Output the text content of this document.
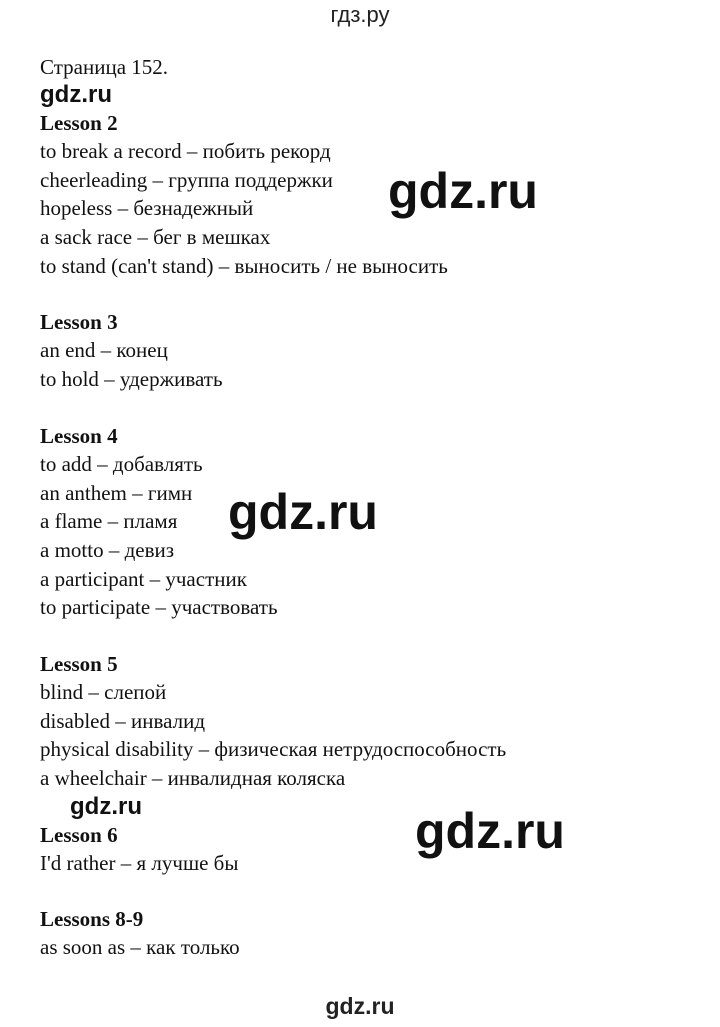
гдз.ру
Страница 152.
gdz.ru
Lesson 2
to break a record – побить рекорд
cheerleading – группа поддержки
hopeless – безнадежный
a sack race – бег в мешках
to stand (can't stand) – выносить / не выносить
Lesson 3
an end – конец
to hold – удерживать
Lesson 4
to add – добавлять
an anthem – гимн
a flame – пламя
a motto – девиз
a participant – участник
to participate – участвовать
Lesson 5
blind – слепой
disabled – инвалид
physical disability – физическая нетрудоспособность
a wheelchair – инвалидная коляска
gdz.ru
Lesson 6
I'd rather – я лучше бы
Lessons 8-9
as soon as – как только
gdz.ru
gdz.ru
gdz.ru
gdz.ru
